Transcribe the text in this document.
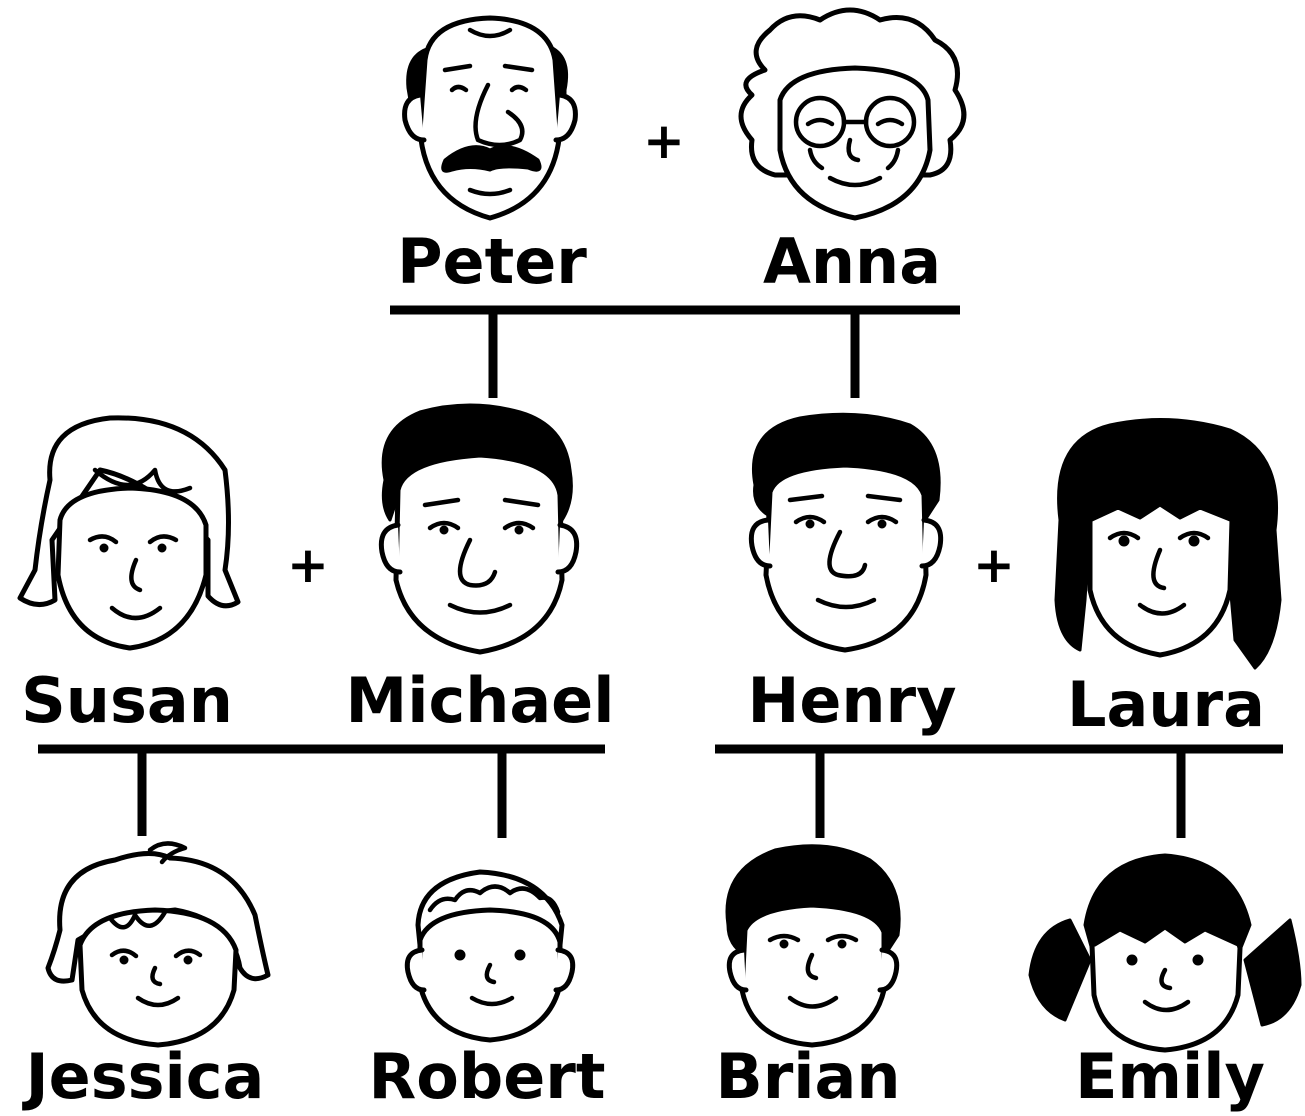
+
+	+
Peter	Anna
Susan Michael Henry Laura
Jessica Robert Brian	Emily
